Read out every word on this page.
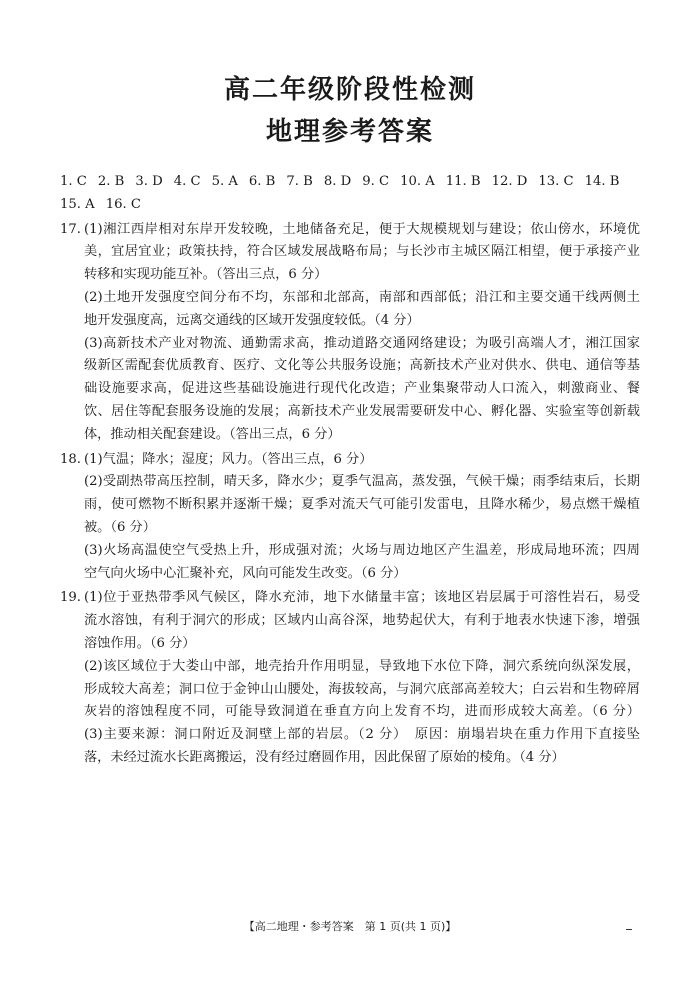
高二年级阶段性检测
地理参考答案
1. C 2. B 3. D 4. C 5. A 6. B 7. B 8. D 9. C 10. A 11. B 12. D 13. C 14. B
15. A 16. C
17. (1)湘江西岸相对东岸开发较晚，土地储备充足，便于大规模规划与建设；依山傍水，环境优
美，宜居宜业；政策扶持，符合区域发展战略布局；与长沙市主城区隔江相望，便于承接产业
转移和实现功能互补。（答出三点，6 分）
(2)土地开发强度空间分布不均，东部和北部高，南部和西部低；沿江和主要交通干线两侧土
地开发强度高，远离交通线的区域开发强度较低。（4 分）
(3)高新技术产业对物流、通勤需求高，推动道路交通网络建设；为吸引高端人才，湘江国家
级新区需配套优质教育、医疗、文化等公共服务设施；高新技术产业对供水、供电、通信等基
础设施要求高，促进这些基础设施进行现代化改造；产业集聚带动人口流入，刺激商业、餐
饮、居住等配套服务设施的发展；高新技术产业发展需要研发中心、孵化器、实验室等创新载
体，推动相关配套建设。（答出三点，6 分）
18. (1)气温；降水；湿度；风力。（答出三点，6 分）
(2)受副热带高压控制，晴天多，降水少；夏季气温高，蒸发强，气候干燥；雨季结束后，长期
雨，使可燃物不断积累并逐渐干燥；夏季对流天气可能引发雷电，且降水稀少，易点燃干燥植
被。（6 分）
(3)火场高温使空气受热上升，形成强对流；火场与周边地区产生温差，形成局地环流；四周
空气向火场中心汇聚补充，风向可能发生改变。（6 分）
19. (1)位于亚热带季风气候区，降水充沛，地下水储量丰富；该地区岩层属于可溶性岩石，易受
流水溶蚀，有利于洞穴的形成；区域内山高谷深，地势起伏大，有利于地表水快速下渗，增强
溶蚀作用。（6 分）
(2)该区域位于大娄山中部，地壳抬升作用明显，导致地下水位下降，洞穴系统向纵深发展，
形成较大高差；洞口位于金钟山山腰处，海拔较高，与洞穴底部高差较大；白云岩和生物碎屑
灰岩的溶蚀程度不同，可能导致洞道在垂直方向上发育不均，进而形成较大高差。（6 分）
(3)主要来源：洞口附近及洞壁上部的岩层。（2 分）　原因：崩塌岩块在重力作用下直接坠
落，未经过流水长距离搬运，没有经过磨圆作用，因此保留了原始的棱角。（4 分）
【高二地理・参考答案　第 1 页(共 1 页)】
